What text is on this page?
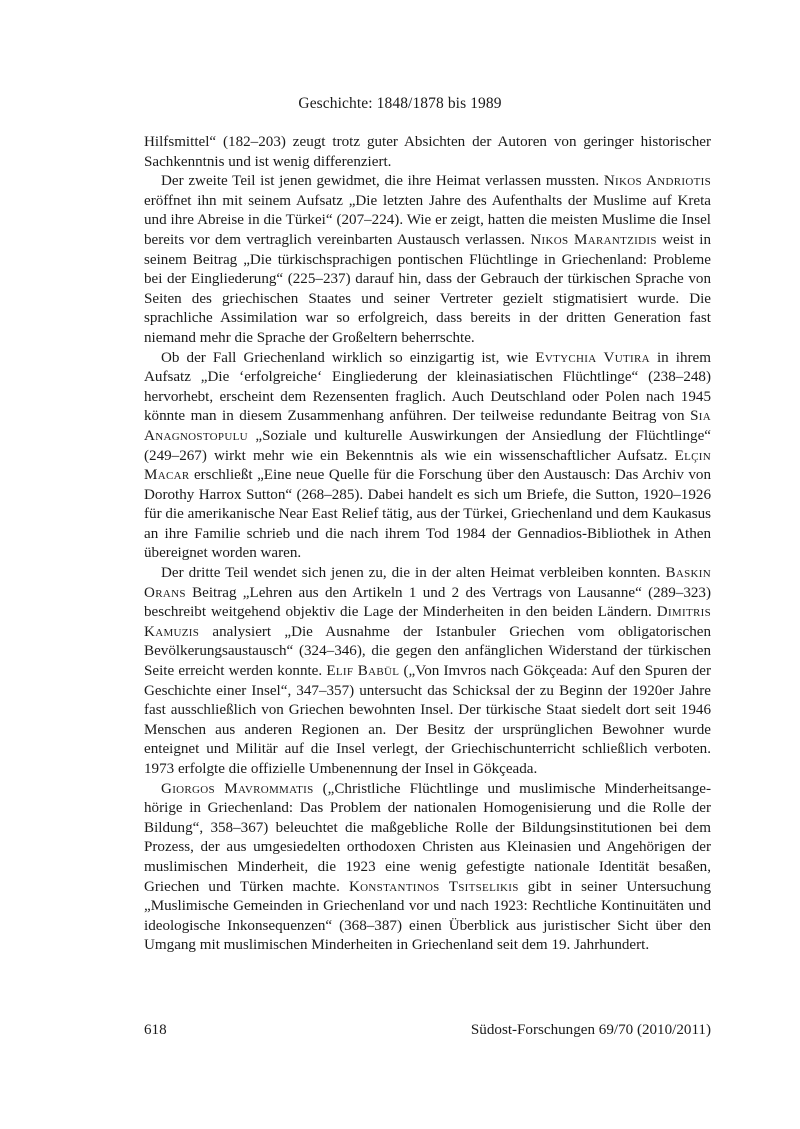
Geschichte: 1848/1878 bis 1989

Hilfsmittel“ (182–203) zeugt trotz guter Absichten der Autoren von geringer historischer Sachkenntnis und ist wenig differenziert.

Der zweite Teil ist jenen gewidmet, die ihre Heimat verlassen mussten. Nikos Andriotis eröffnet ihn mit seinem Aufsatz „Die letzten Jahre des Aufenthalts der Muslime auf Kreta und ihre Abreise in die Türkei“ (207–224). Wie er zeigt, hatten die meisten Muslime die Insel bereits vor dem vertraglich vereinbarten Austausch verlassen. Nikos Marantzidis weist in seinem Beitrag „Die türkischsprachigen pontischen Flüchtlinge in Griechenland: Probleme bei der Eingliederung“ (225–237) darauf hin, dass der Gebrauch der türkischen Sprache von Seiten des griechischen Staates und seiner Vertreter gezielt stigmatisiert wurde. Die sprachliche Assimilation war so erfolgreich, dass bereits in der dritten Generation fast niemand mehr die Sprache der Großeltern beherrschte.

Ob der Fall Griechenland wirklich so einzigartig ist, wie Evtychia Vutira in ihrem Aufsatz „Die ‘erfolgreiche‘ Eingliederung der kleinasiatischen Flüchtlinge“ (238–248) hervorhebt, erscheint dem Rezensenten fraglich. Auch Deutschland oder Polen nach 1945 könnte man in diesem Zusammenhang anführen. Der teilweise redundante Beitrag von Sia Anagnostopulu „Soziale und kulturelle Auswirkungen der Ansiedlung der Flüchtlinge“ (249–267) wirkt mehr wie ein Bekenntnis als wie ein wissenschaftlicher Aufsatz. Elçin Macar erschließt „Eine neue Quelle für die Forschung über den Austausch: Das Archiv von Dorothy Harrox Sutton“ (268–285). Dabei handelt es sich um Briefe, die Sutton, 1920–1926 für die amerikanische Near East Relief tätig, aus der Türkei, Griechenland und dem Kaukasus an ihre Familie schrieb und die nach ihrem Tod 1984 der Gennadios-Bibliothek in Athen übereignet worden waren.

Der dritte Teil wendet sich jenen zu, die in der alten Heimat verbleiben konnten. Baskin Orans Beitrag „Lehren aus den Artikeln 1 und 2 des Vertrags von Lausanne“ (289–323) beschreibt weitgehend objektiv die Lage der Minderheiten in den beiden Ländern. Dimitris Kamuzis analysiert „Die Ausnahme der Istanbuler Griechen vom obligatorischen Bevölkerungsaustausch“ (324–346), die gegen den anfänglichen Widerstand der türkischen Seite erreicht werden konnte. Elif Babül („Von Imvros nach Gökçeada: Auf den Spuren der Geschichte einer Insel“, 347–357) untersucht das Schicksal der zu Beginn der 1920er Jahre fast ausschließlich von Griechen bewohnten Insel. Der türkische Staat siedelt dort seit 1946 Menschen aus anderen Regionen an. Der Besitz der ursprünglichen Bewohner wurde enteignet und Militär auf die Insel verlegt, der Griechischunterricht schließlich verboten. 1973 erfolgte die offizielle Umbenennung der Insel in Gökçeada.

Giorgos Mavrommatis („Christliche Flüchtlinge und muslimische Minderheitsangehörige in Griechenland: Das Problem der nationalen Homogenisierung und die Rolle der Bildung“, 358–367) beleuchtet die maßgebliche Rolle der Bildungsinstitutionen bei dem Prozess, der aus umgesiedelten orthodoxen Christen aus Kleinasien und Angehörigen der muslimischen Minderheit, die 1923 eine wenig gefestigte nationale Identität besaßen, Griechen und Türken machte. Konstantinos Tsitselikis gibt in seiner Untersuchung „Muslimische Gemeinden in Griechenland vor und nach 1923: Rechtliche Kontinuitäten und ideologische Inkonsequenzen“ (368–387) einen Überblick aus juristischer Sicht über den Umgang mit muslimischen Minderheiten in Griechenland seit dem 19. Jahrhundert.

618	Südost-Forschungen 69/70 (2010/2011)
